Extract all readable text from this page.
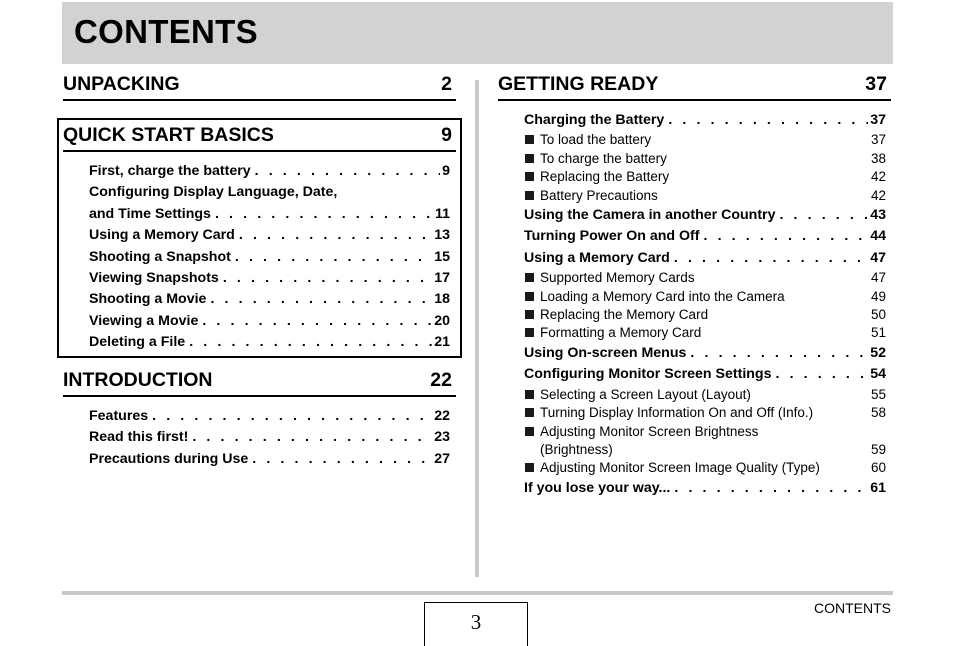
CONTENTS
UNPACKING	2
QUICK START BASICS	9
First, charge the battery . . .	9
Configuring Display Language, Date,
and Time Settings . . .	11
Using a Memory Card . . .	13
Shooting a Snapshot . . .	15
Viewing Snapshots . . .	17
Shooting a Movie . . .	18
Viewing a Movie . . .	20
Deleting a File . . .	21
INTRODUCTION	22
Features . . .	22
Read this first! . . .	23
Precautions during Use . . .	27
GETTING READY	37
Charging the Battery . . .	37
To load the battery	37
To charge the battery	38
Replacing the Battery	42
Battery Precautions	42
Using the Camera in another Country . . .	43
Turning Power On and Off . . .	44
Using a Memory Card . . .	47
Supported Memory Cards	47
Loading a Memory Card into the Camera	49
Replacing the Memory Card	50
Formatting a Memory Card	51
Using On-screen Menus . . .	52
Configuring Monitor Screen Settings . . .	54
Selecting a Screen Layout (Layout)	55
Turning Display Information On and Off (Info.)	58
Adjusting Monitor Screen Brightness
(Brightness)	59
Adjusting Monitor Screen Image Quality (Type)	60
If you lose your way... . . .	61
3
CONTENTS
